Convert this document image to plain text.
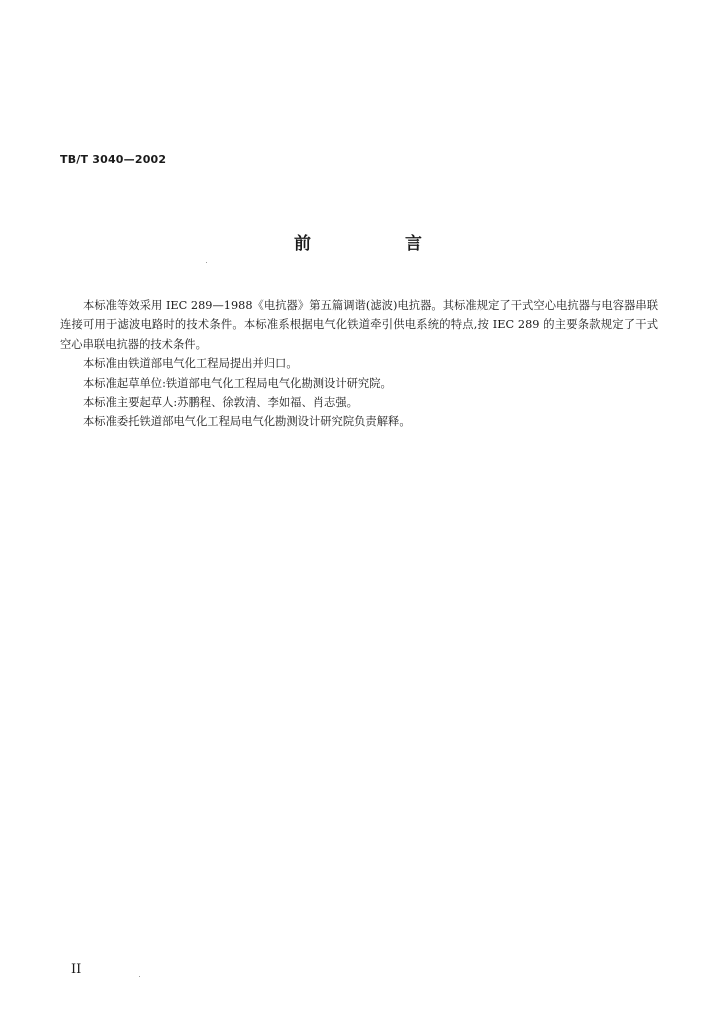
TB/T 3040—2002
前 言

本标准等效采用 IEC 289—1988《电抗器》第五篇调谐(滤波)电抗器。其标准规定了干式空心电抗器与电容器串联连接可用于滤波电路时的技术条件。本标准系根据电气化铁道牵引供电系统的特点,按 IEC 289 的主要条款规定了干式空心串联电抗器的技术条件。

本标准由铁道部电气化工程局提出并归口。

本标准起草单位:铁道部电气化工程局电气化勘测设计研究院。

本标准主要起草人:苏鹏程、徐敦清、李如福、肖志强。

本标准委托铁道部电气化工程局电气化勘测设计研究院负责解释。

II
